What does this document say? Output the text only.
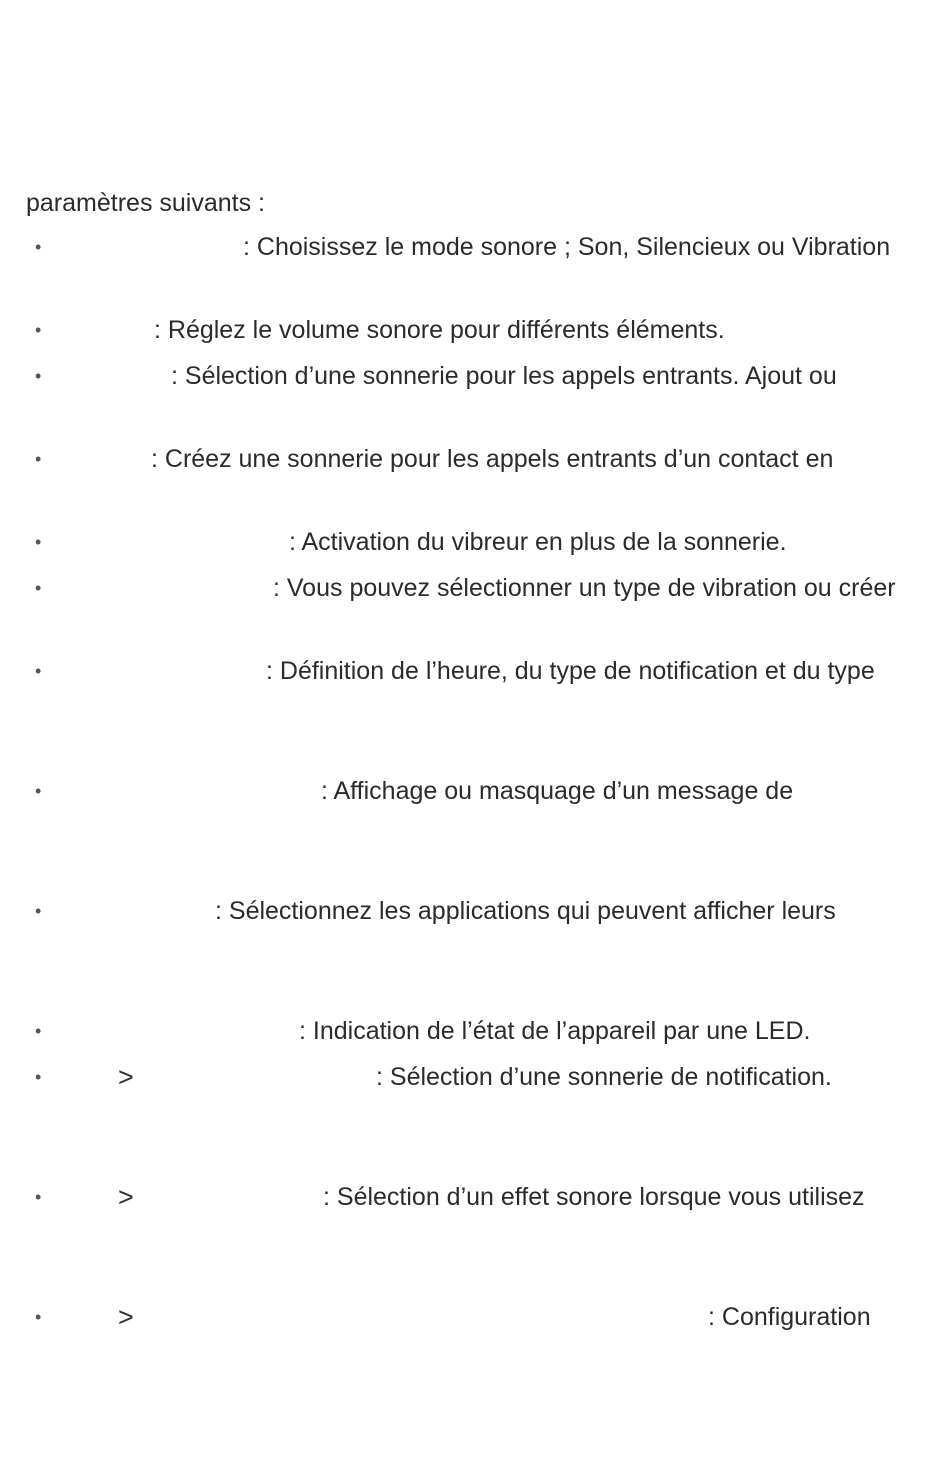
paramètres suivants :
•	: Choisissez le mode sonore ; Son, Silencieux ou Vibration
•	: Réglez le volume sonore pour différents éléments.
•	: Sélection d’une sonnerie pour les appels entrants. Ajout ou
•	: Créez une sonnerie pour les appels entrants d’un contact en
•	: Activation du vibreur en plus de la sonnerie.
•	: Vous pouvez sélectionner un type de vibration ou créer
•	: Définition de l’heure, du type de notification et du type
•	: Affichage ou masquage d’un message de
•	: Sélectionnez les applications qui peuvent afficher leurs
•	: Indication de l’état de l’appareil par une LED.
•	>	: Sélection d’une sonnerie de notification.
•	>	: Sélection d’un effet sonore lorsque vous utilisez
•	>	: Configuration
